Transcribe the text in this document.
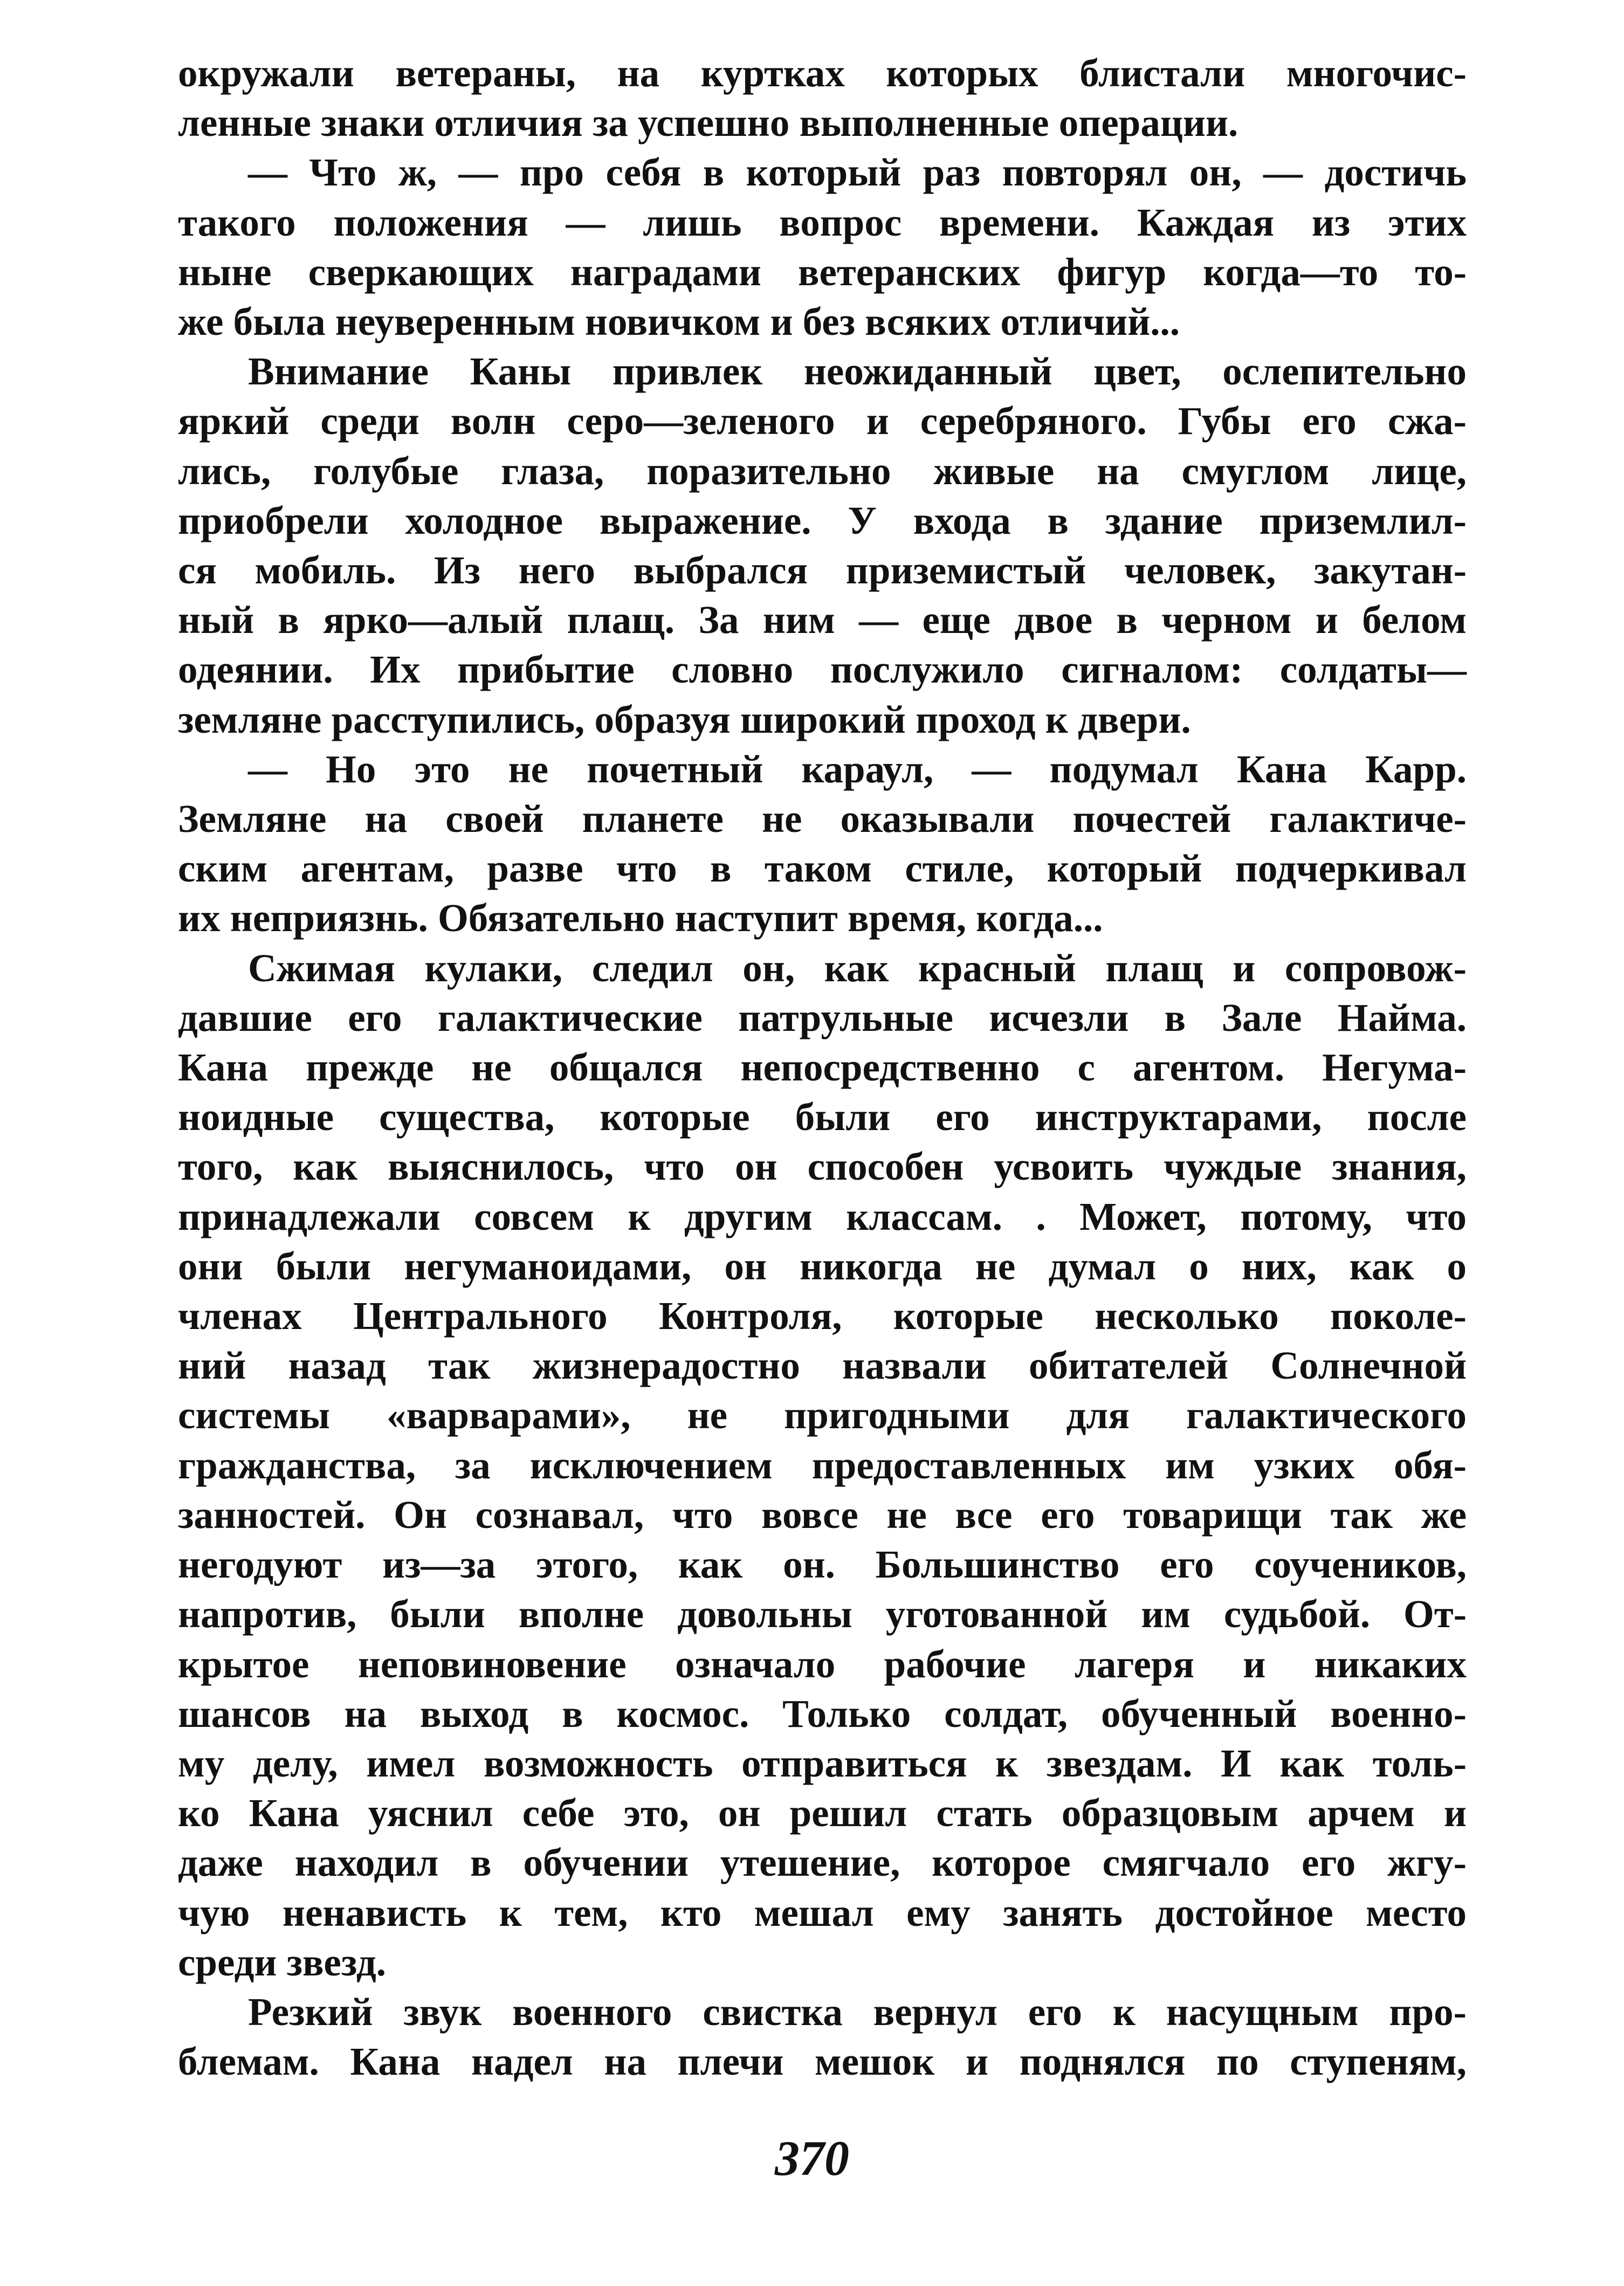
окружали ветераны, на куртках которых блистали многочис-
ленные знаки отличия за успешно выполненные операции.
— Что ж, — про себя в который раз повторял он, — достичь
такого положения — лишь вопрос времени. Каждая из этих
ныне сверкающих наградами ветеранских фигур когда—то то-
же была неуверенным новичком и без всяких отличий...
Внимание Каны привлек неожиданный цвет, ослепительно
яркий среди волн серо—зеленого и серебряного. Губы его сжа-
лись, голубые глаза, поразительно живые на смуглом лице,
приобрели холодное выражение. У входа в здание приземлил-
ся мобиль. Из него выбрался приземистый человек, закутан-
ный в ярко—алый плащ. За ним — еще двое в черном и белом
одеянии. Их прибытие словно послужило сигналом: солдаты—
земляне расступились, образуя широкий проход к двери.
— Но это не почетный караул, — подумал Кана Карр.
Земляне на своей планете не оказывали почестей галактиче-
ским агентам, разве что в таком стиле, который подчеркивал
их неприязнь. Обязательно наступит время, когда...
Сжимая кулаки, следил он, как красный плащ и сопровож-
давшие его галактические патрульные исчезли в Зале Найма.
Кана прежде не общался непосредственно с агентом. Негума-
ноидные существа, которые были его инструктарами, после
того, как выяснилось, что он способен усвоить чуждые знания,
принадлежали совсем к другим классам. . Может, потому, что
они были негуманоидами, он никогда не думал о них, как о
членах Центрального Контроля, которые несколько поколе-
ний назад так жизнерадостно назвали обитателей Солнечной
системы «варварами», не пригодными для галактического
гражданства, за исключением предоставленных им узких обя-
занностей. Он сознавал, что вовсе не все его товарищи так же
негодуют из—за этого, как он. Большинство его соучеников,
напротив, были вполне довольны уготованной им судьбой. От-
крытое неповиновение означало рабочие лагеря и никаких
шансов на выход в космос. Только солдат, обученный военно-
му делу, имел возможность отправиться к звездам. И как толь-
ко Кана уяснил себе это, он решил стать образцовым арчем и
даже находил в обучении утешение, которое смягчало его жгу-
чую ненависть к тем, кто мешал ему занять достойное место
среди звезд.
Резкий звук военного свистка вернул его к насущным про-
блемам. Кана надел на плечи мешок и поднялся по ступеням,
370
